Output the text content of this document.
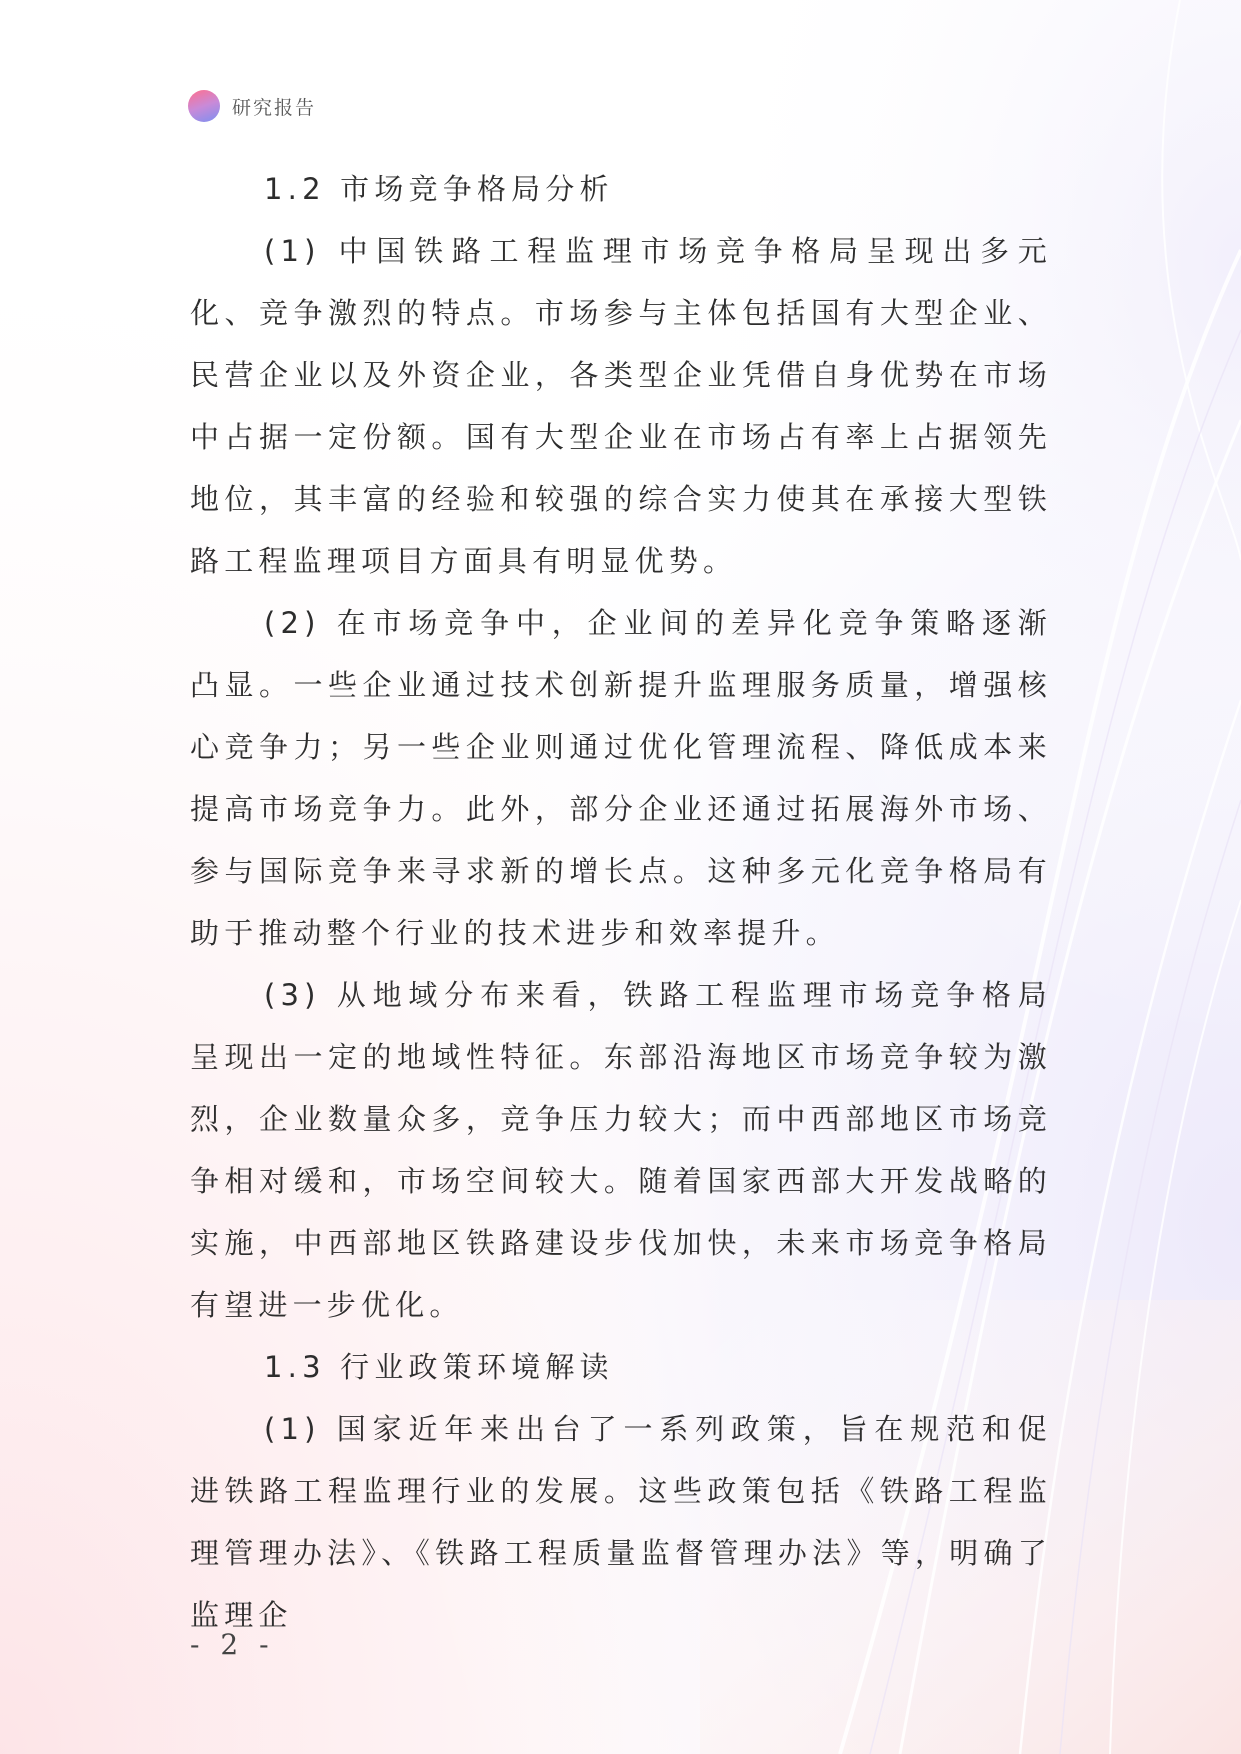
研究报告
1.2 市场竞争格局分析

(1) 中国铁路工程监理市场竞争格局呈现出多元化、竞争激烈的特点。市场参与主体包括国有大型企业、民营企业以及外资企业，各类型企业凭借自身优势在市场中占据一定份额。国有大型企业在市场占有率上占据领先地位，其丰富的经验和较强的综合实力使其在承接大型铁路工程监理项目方面具有明显优势。

(2) 在市场竞争中，企业间的差异化竞争策略逐渐凸显。一些企业通过技术创新提升监理服务质量，增强核心竞争力；另一些企业则通过优化管理流程、降低成本来提高市场竞争力。此外，部分企业还通过拓展海外市场、参与国际竞争来寻求新的增长点。这种多元化竞争格局有助于推动整个行业的技术进步和效率提升。

(3) 从地域分布来看，铁路工程监理市场竞争格局呈现出一定的地域性特征。东部沿海地区市场竞争较为激烈，企业数量众多，竞争压力较大；而中西部地区市场竞争相对缓和，市场空间较大。随着国家西部大开发战略的实施，中西部地区铁路建设步伐加快，未来市场竞争格局有望进一步优化。

1.3 行业政策环境解读

(1) 国家近年来出台了一系列政策，旨在规范和促进铁路工程监理行业的发展。这些政策包括《铁路工程监理管理办法》、《铁路工程质量监督管理办法》等，明确了监理企

- 2 -
